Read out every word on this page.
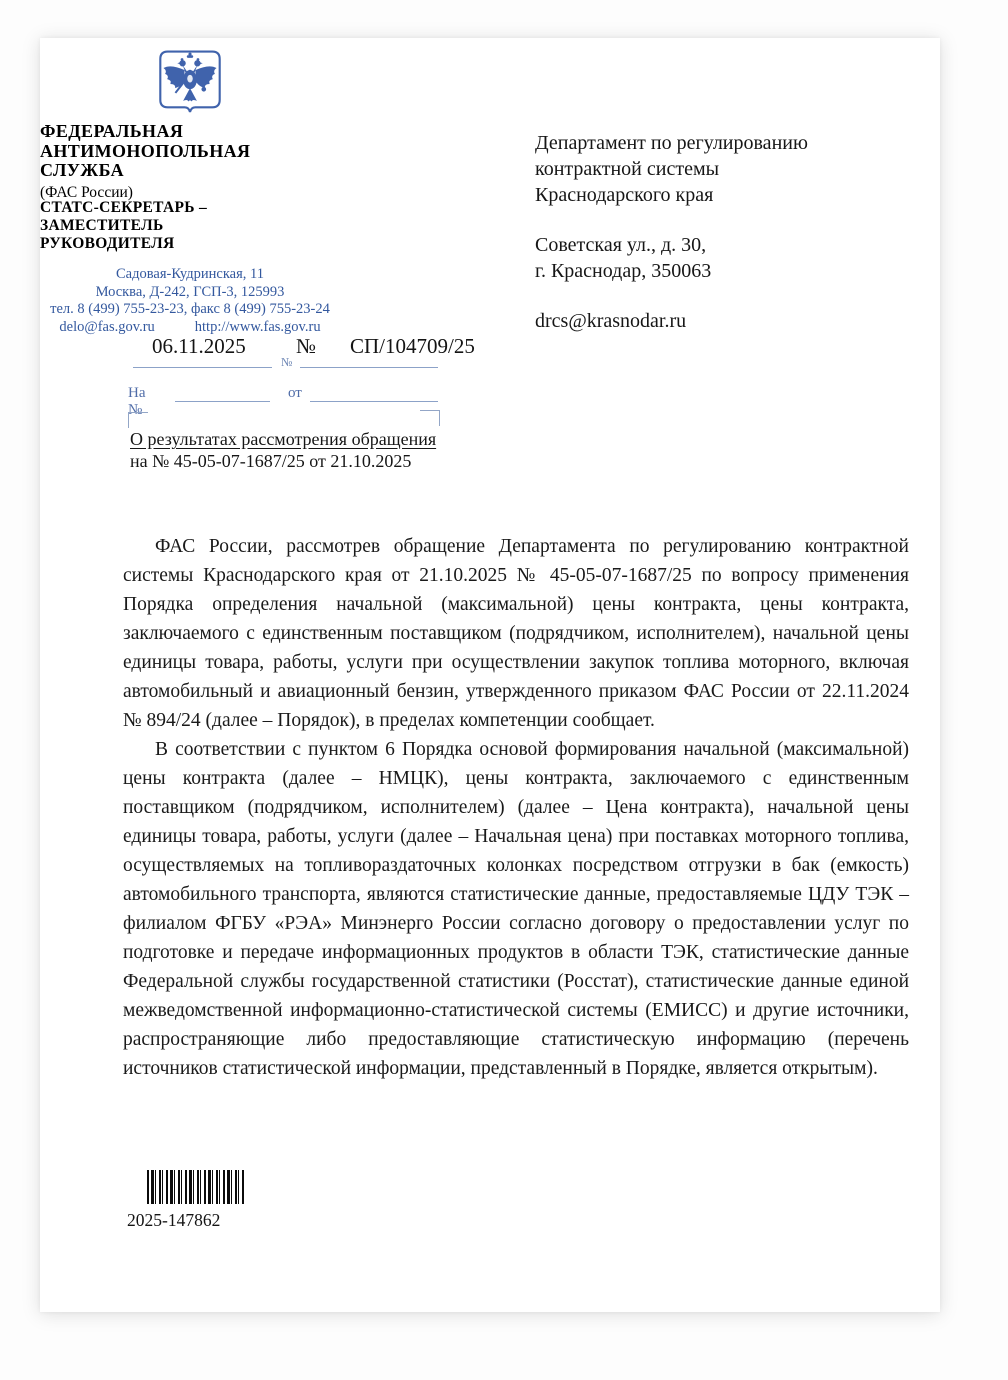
ФЕДЕРАЛЬНАЯ
АНТИМОНОПОЛЬНАЯ
СЛУЖБА
(ФАС России)
СТАТС-СЕКРЕТАРЬ –
ЗАМЕСТИТЕЛЬ
РУКОВОДИТЕЛЯ
Садовая-Кудринская, 11
Москва, Д-242, ГСП-3, 125993
тел. 8 (499) 755-23-23, факс 8 (499) 755-23-24
delo@fas.gov.ru	http://www.fas.gov.ru
06.11.2025 № СП/104709/25
№
На №
от
О результатах рассмотрения обращения
на № 45-05-07-1687/25 от 21.10.2025
Департамент по регулированию
контрактной системы
Краснодарского края
Советская ул., д. 30,
г. Краснодар, 350063
drcs@krasnodar.ru

ФАС России, рассмотрев обращение Департамента по регулированию контрактной системы Краснодарского края от 21.10.2025 № 45-05-07-1687/25 по вопросу применения Порядка определения начальной (максимальной) цены контракта, цены контракта, заключаемого с единственным поставщиком (подрядчиком, исполнителем), начальной цены единицы товара, работы, услуги при осуществлении закупок топлива моторного, включая автомобильный и авиационный бензин, утвержденного приказом ФАС России от 22.11.2024 № 894/24 (далее – Порядок), в пределах компетенции сообщает.

В соответствии с пунктом 6 Порядка основой формирования начальной (максимальной) цены контракта (далее – НМЦК), цены контракта, заключаемого с единственным поставщиком (подрядчиком, исполнителем) (далее – Цена контракта), начальной цены единицы товара, работы, услуги (далее – Начальная цена) при поставках моторного топлива, осуществляемых на топливораздаточных колонках посредством отгрузки в бак (емкость) автомобильного транспорта, являются статистические данные, предоставляемые ЦДУ ТЭК – филиалом ФГБУ «РЭА» Минэнерго России согласно договору о предоставлении услуг по подготовке и передаче информационных продуктов в области ТЭК, статистические данные Федеральной службы государственной статистики (Росстат), статистические данные единой межведомственной информационно-статистической системы (ЕМИСС) и другие источники, распространяющие либо предоставляющие статистическую информацию (перечень источников статистической информации, представленный в Порядке, является открытым).

2025-147862
